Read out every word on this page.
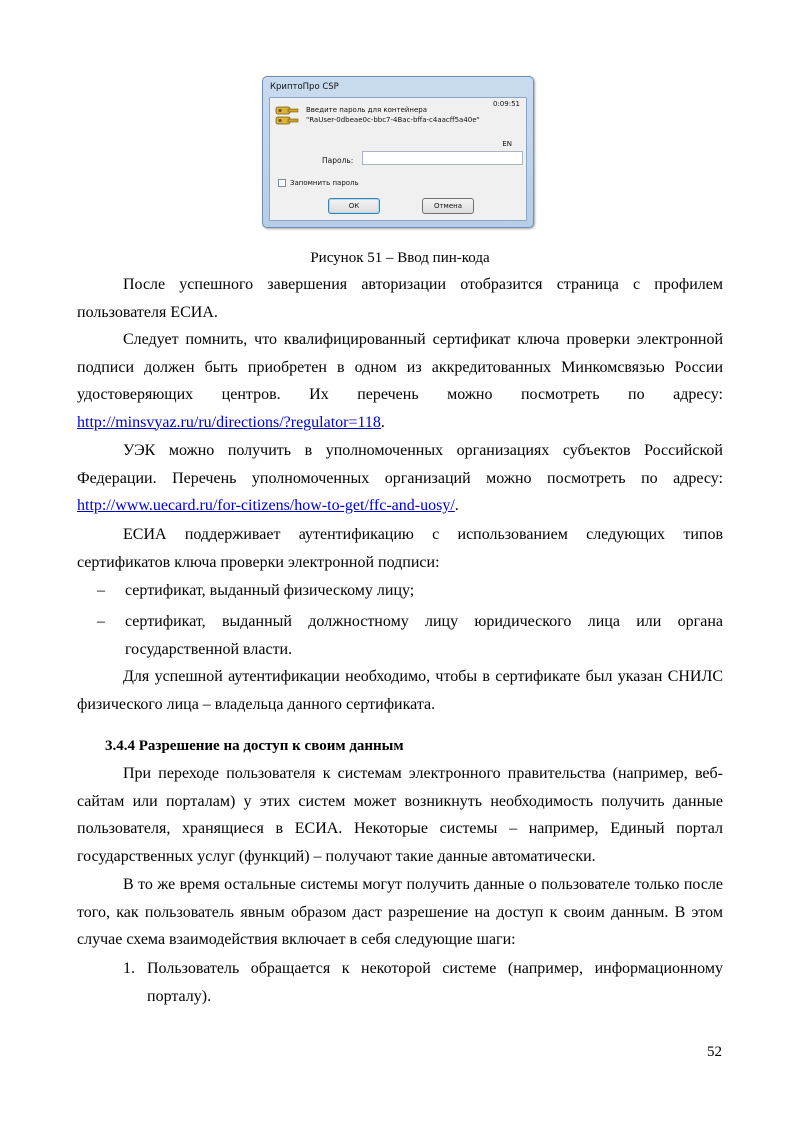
КриптоПро CSP
Введите пароль для контейнера
"RaUser-0dbeae0c-bbc7-4Bac-bffa-c4aacff5a40e"
0:09:51
EN
Пароль:
Запомнить пароль
ОК	Отмена
Рисунок 51 – Ввод пин-кода

После успешного завершения авторизации отобразится страница с профилем пользователя ЕСИА.

Следует помнить, что квалифицированный сертификат ключа проверки электронной подписи должен быть приобретен в одном из аккредитованных Минкомсвязью России удостоверяющих центров. Их перечень можно посмотреть по адресу: http://minsvyaz.ru/ru/directions/?regulator=118.

УЭК можно получить в уполномоченных организациях субъектов Российской Федерации. Перечень уполномоченных организаций можно посмотреть по адресу: http://www.uecard.ru/for-citizens/how-to-get/ffc-and-uosy/.

ЕСИА поддерживает аутентификацию с использованием следующих типов сертификатов ключа проверки электронной подписи:

–	сертификат, выданный физическому лицу;
–	сертификат, выданный должностному лицу юридического лица или органа государственной власти.

Для успешной аутентификации необходимо, чтобы в сертификате был указан СНИЛС физического лица – владельца данного сертификата.

3.4.4 Разрешение на доступ к своим данным

При переходе пользователя к системам электронного правительства (например, веб-сайтам или порталам) у этих систем может возникнуть необходимость получить данные пользователя, хранящиеся в ЕСИА. Некоторые системы – например, Единый портал государственных услуг (функций) – получают такие данные автоматически.

В то же время остальные системы могут получить данные о пользователе только после того, как пользователь явным образом даст разрешение на доступ к своим данным. В этом случае схема взаимодействия включает в себя следующие шаги:

1. Пользователь обращается к некоторой системе (например, информационному порталу).
52
